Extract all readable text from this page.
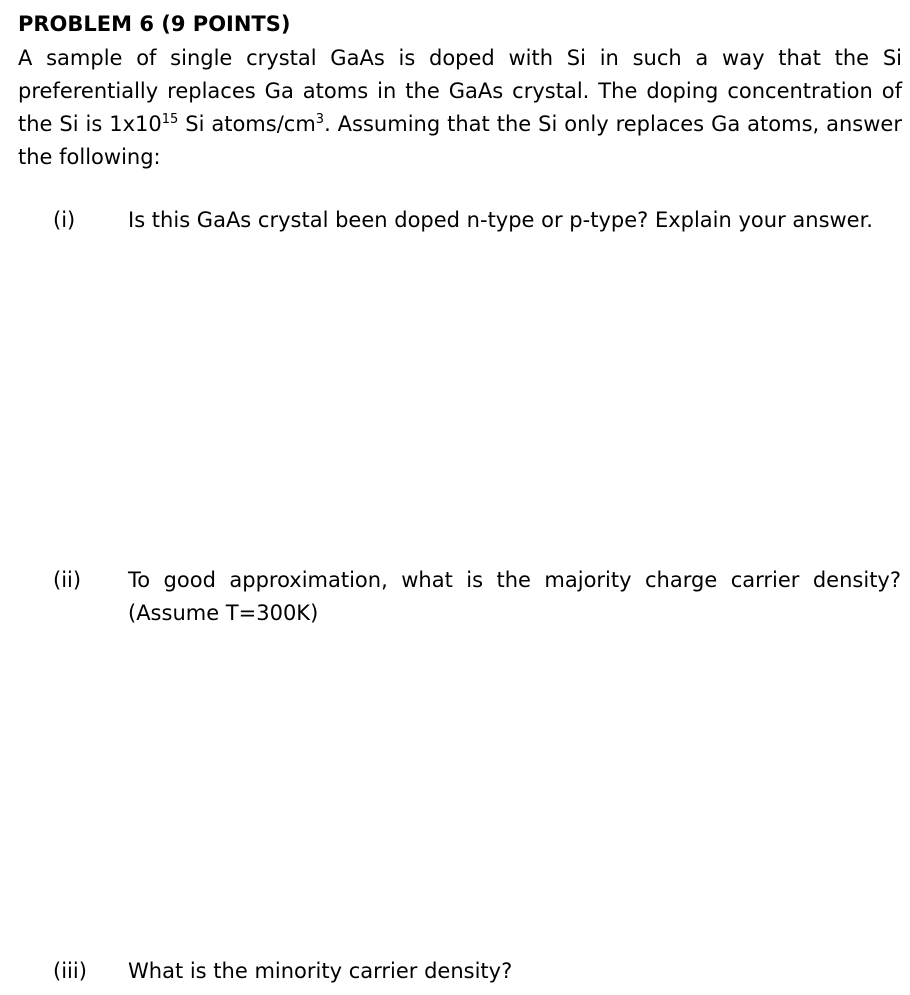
PROBLEM 6 (9 POINTS)
A sample of single crystal GaAs is doped with Si in such a way that the Si preferentially replaces Ga atoms in the GaAs crystal. The doping concentration of the Si is $1x10^{15}$ Si atoms/$cm^3$. Assuming that the Si only replaces Ga atoms, answer the following:
(i)	Is this GaAs crystal been doped n-type or p-type? Explain your answer.
(ii) To good approximation, what is the majority charge carrier density? (Assume T=300K)
(iii) What is the minority carrier density?
